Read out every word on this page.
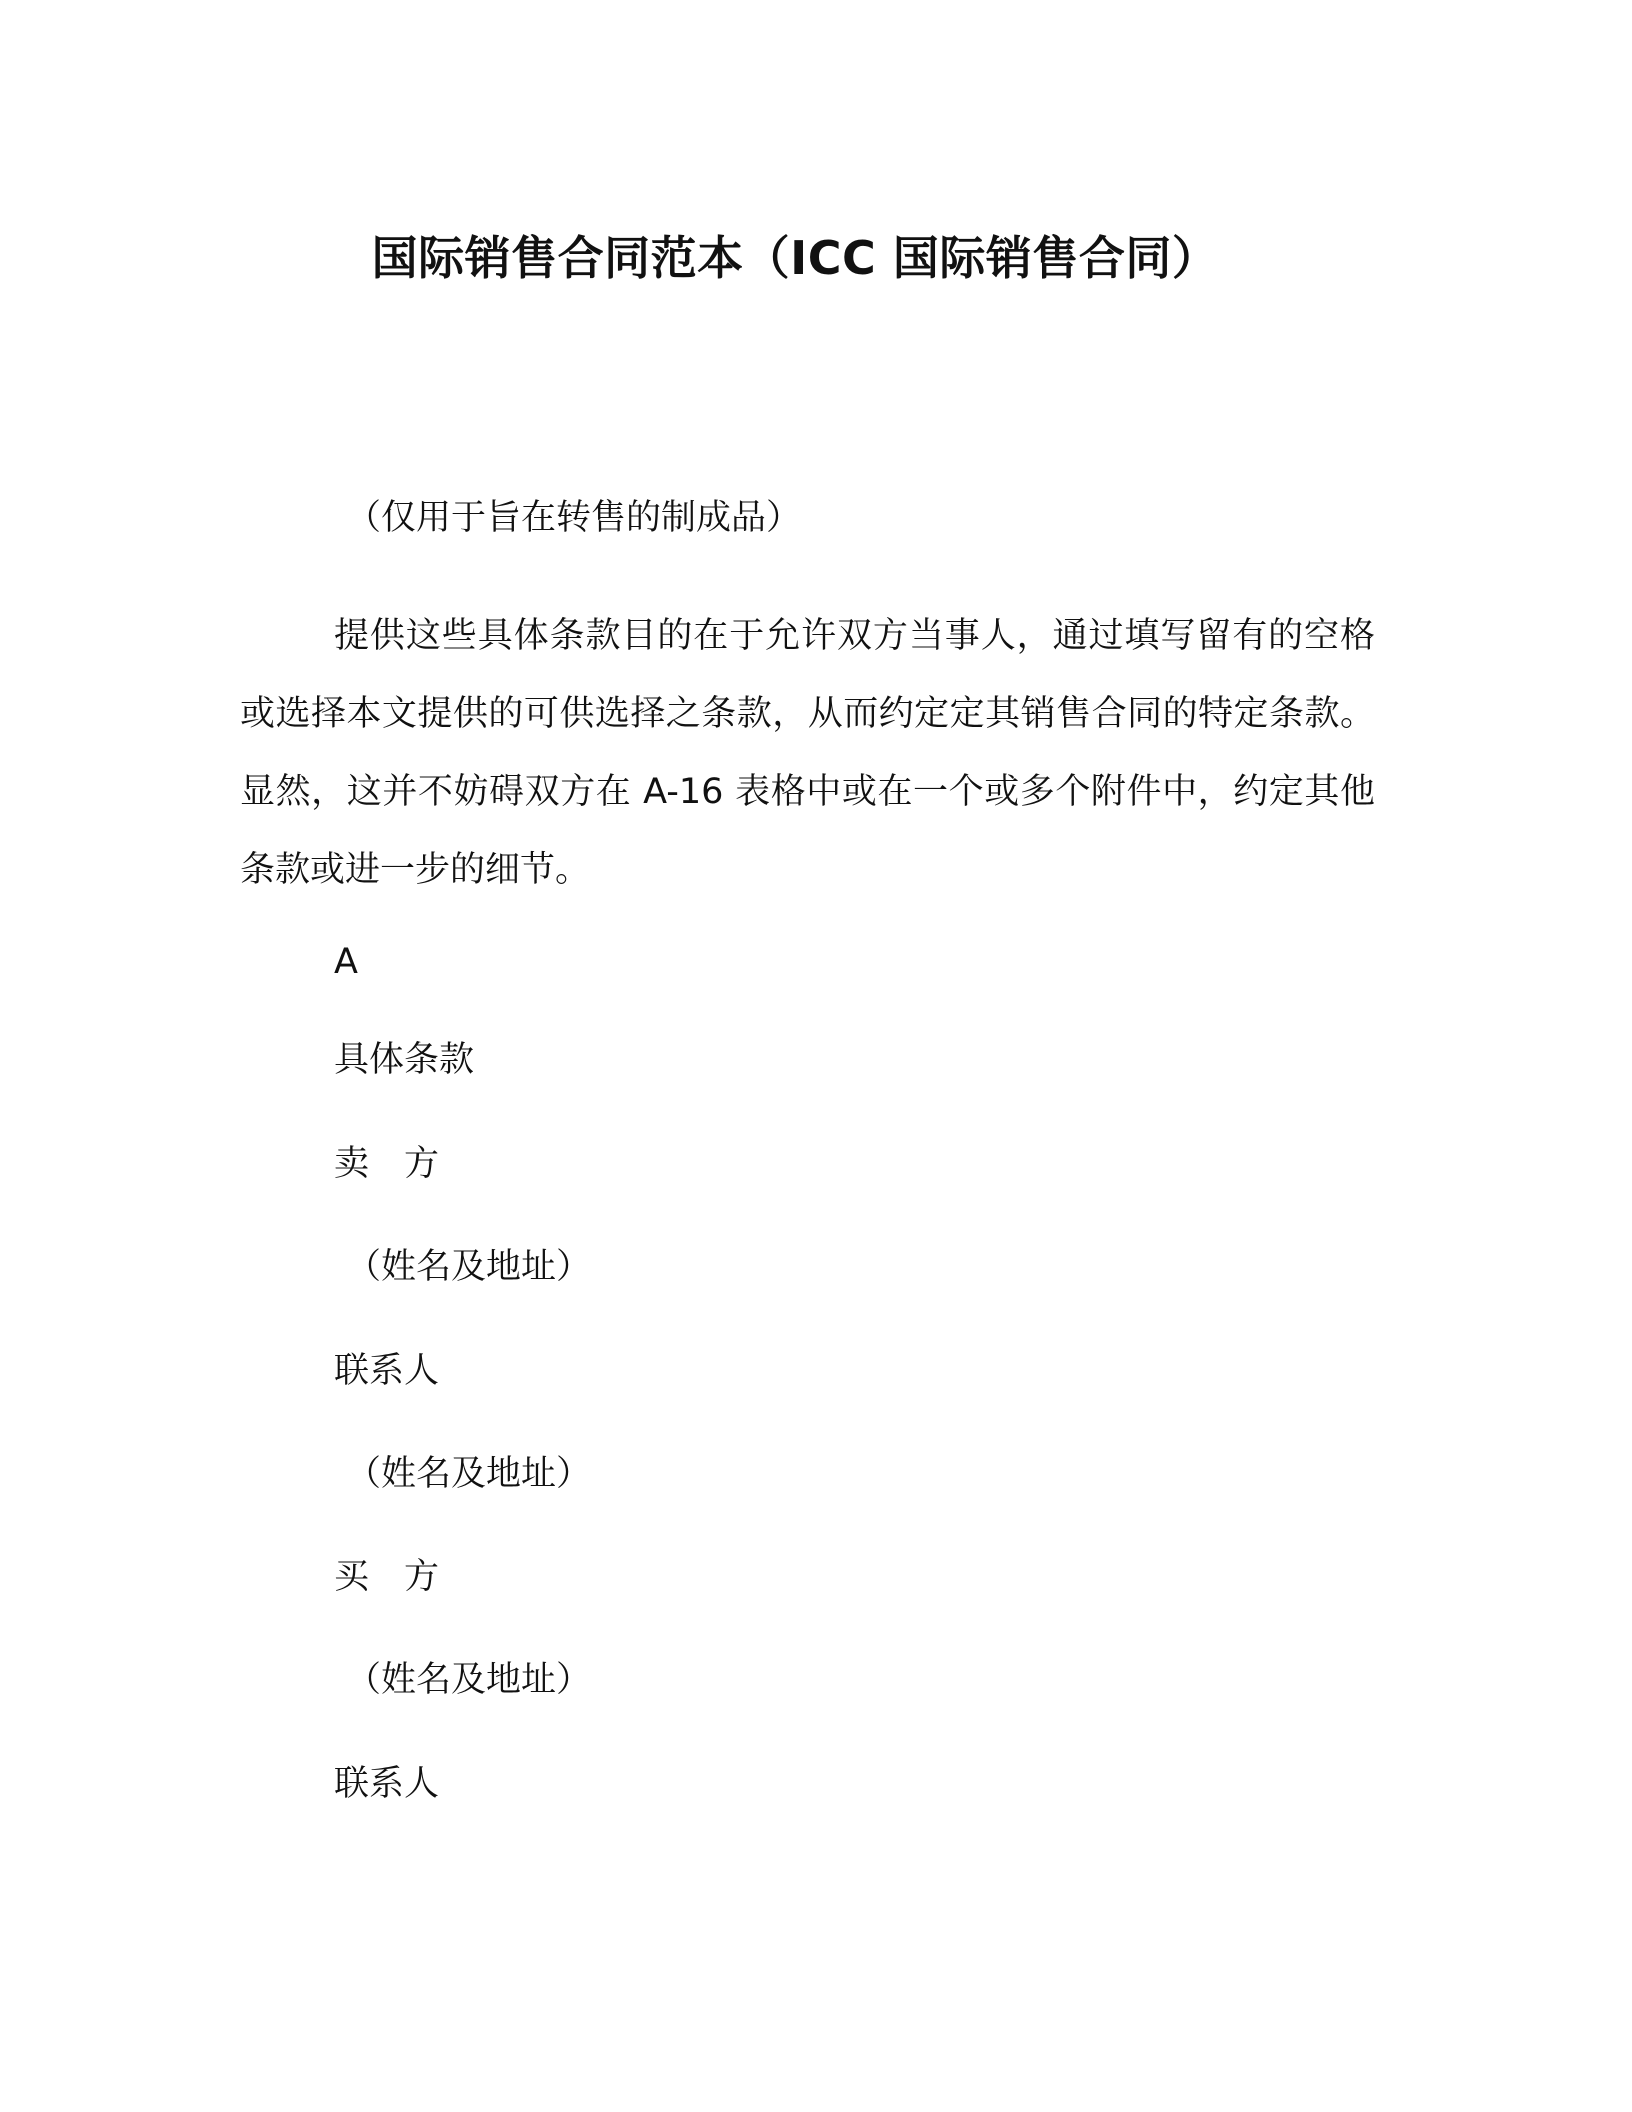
国际销售合同范本（ICC 国际销售合同）
（仅用于旨在转售的制成品）
提供这些具体条款目的在于允许双方当事人，通过填写留有的空格或选择本文提供的可供选择之条款，从而约定定其销售合同的特定条款。显然，这并不妨碍双方在 A-16 表格中或在一个或多个附件中，约定其他条款或进一步的细节。
A
具体条款
卖　方
（姓名及地址）
联系人
（姓名及地址）
买　方
（姓名及地址）
联系人
